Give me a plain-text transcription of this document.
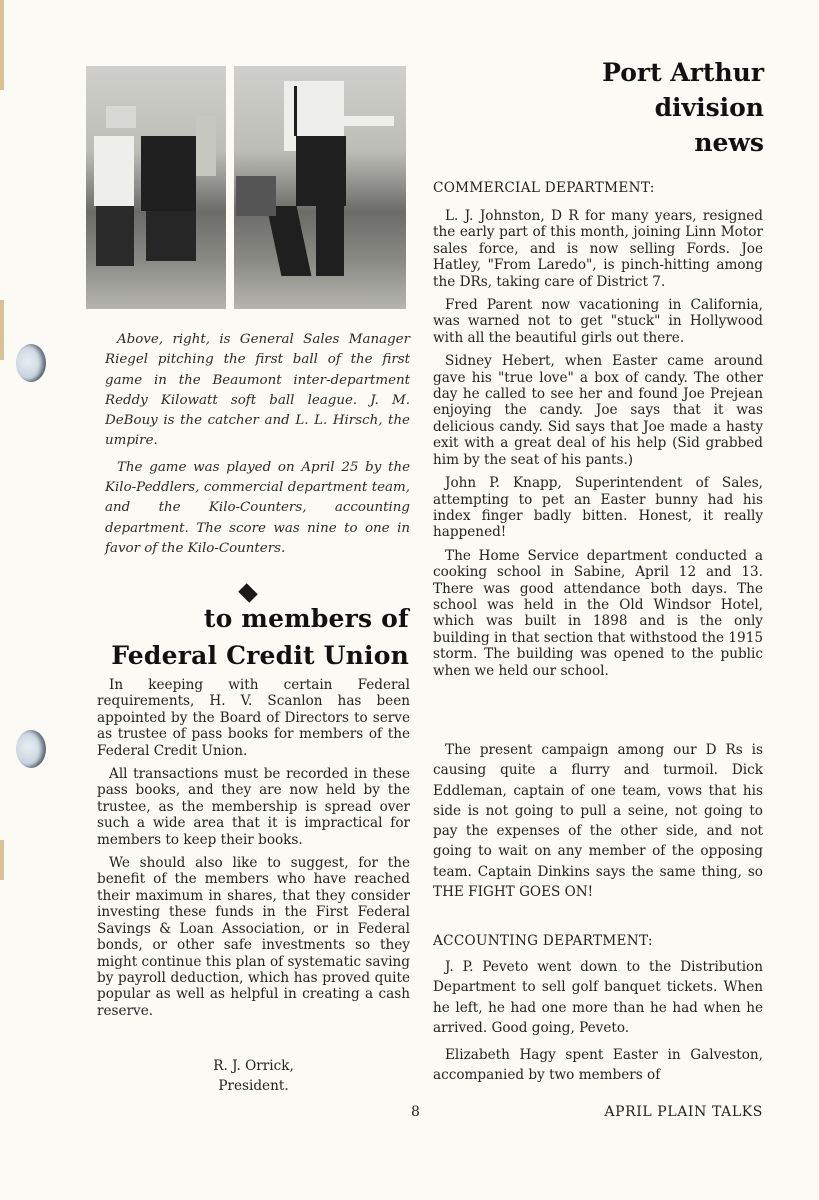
Above, right, is General Sales Manager Riegel pitching the first ball of the first game in the Beaumont inter-department Reddy Kilowatt soft ball league. J. M. DeBouy is the catcher and L. L. Hirsch, the umpire.

The game was played on April 25 by the Kilo-Peddlers, commercial department team, and the Kilo-Counters, accounting department. The score was nine to one in favor of the Kilo-Counters.

to members of
Federal Credit Union

In keeping with certain Federal requirements, H. V. Scanlon has been appointed by the Board of Directors to serve as trustee of pass books for members of the Federal Credit Union.

All transactions must be recorded in these pass books, and they are now held by the trustee, as the membership is spread over such a wide area that it is impractical for members to keep their books.

We should also like to suggest, for the benefit of the members who have reached their maximum in shares, that they consider investing these funds in the First Federal Savings & Loan Association, or in Federal bonds, or other safe investments so they might continue this plan of systematic saving by payroll deduction, which has proved quite popular as well as helpful in creating a cash reserve.

R. J. Orrick,
President.
Port Arthur
division
news
COMMERCIAL DEPARTMENT:

L. J. Johnston, D R for many years, resigned the early part of this month, joining Linn Motor sales force, and is now selling Fords. Joe Hatley, "From Laredo", is pinch-hitting among the DRs, taking care of District 7.

Fred Parent now vacationing in California, was warned not to get "stuck" in Hollywood with all the beautiful girls out there.

Sidney Hebert, when Easter came around gave his "true love" a box of candy. The other day he called to see her and found Joe Prejean enjoying the candy. Joe says that it was delicious candy. Sid says that Joe made a hasty exit with a great deal of his help (Sid grabbed him by the seat of his pants.)

John P. Knapp, Superintendent of Sales, attempting to pet an Easter bunny had his index finger badly bitten. Honest, it really happened!

The Home Service department conducted a cooking school in Sabine, April 12 and 13. There was good attendance both days. The school was held in the Old Windsor Hotel, which was built in 1898 and is the only building in that section that withstood the 1915 storm. The building was opened to the public when we held our school.

The present campaign among our D Rs is causing quite a flurry and turmoil. Dick Eddleman, captain of one team, vows that his side is not going to pull a seine, not going to pay the expenses of the other side, and not going to wait on any member of the opposing team. Captain Dinkins says the same thing, so THE FIGHT GOES ON!

ACCOUNTING DEPARTMENT:

J. P. Peveto went down to the Distribution Department to sell golf banquet tickets. When he left, he had one more than he had when he arrived. Good going, Peveto.

Elizabeth Hagy spent Easter in Galveston, accompanied by two members of

8	APRIL PLAIN TALKS
